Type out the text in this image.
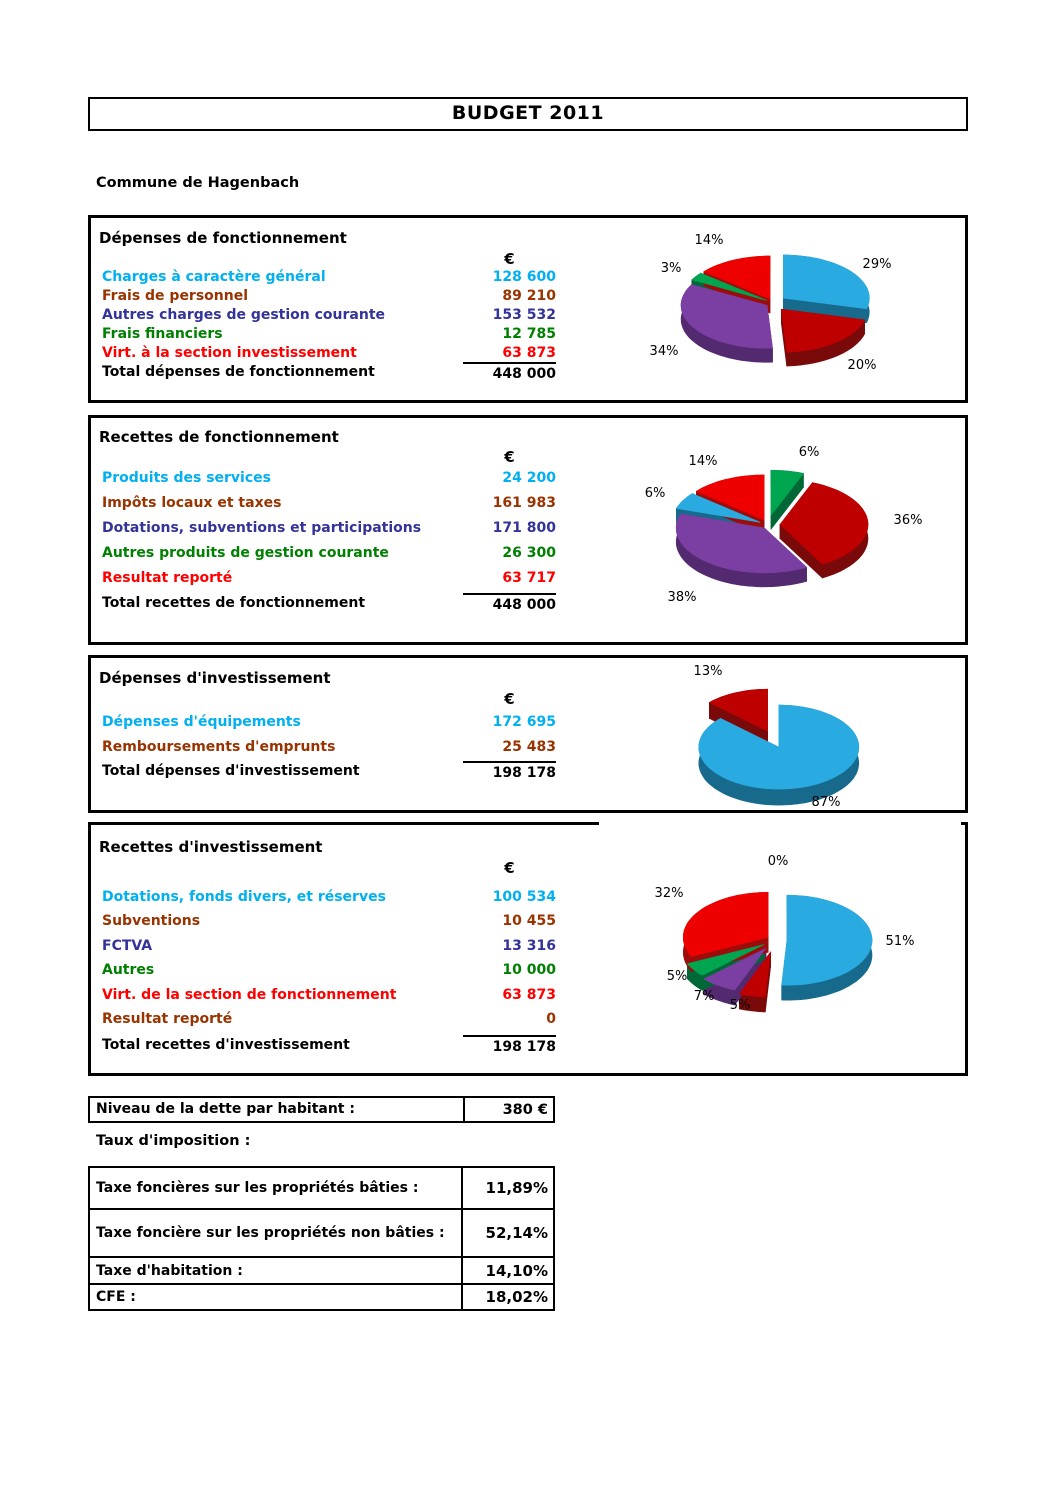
BUDGET 2011
Commune de Hagenbach
Dépenses de fonctionnement
€
Charges à caractère général	128 600
Frais de personnel	89 210
Autres charges de gestion courante	153 532
Frais financiers	12 785
Virt. à la section investissement	63 873
Total dépenses de fonctionnement	448 000
29%
20%
34%
3%
14%
Recettes de fonctionnement
€
Produits des services	24 200
Impôts locaux et taxes	161 983
Dotations, subventions et participations	171 800
Autres produits de gestion courante	26 300
Resultat reporté	63 717
Total recettes de fonctionnement	448 000
6%
36%
38%
6%
14%
Dépenses d'investissement
€
Dépenses d'équipements	172 695
Remboursements d'emprunts	25 483
Total dépenses d'investissement	198 178
87%
13%
Recettes d'investissement
€
Dotations, fonds divers, et réserves	100 534
Subventions	10 455
FCTVA	13 316
Autres	10 000
Virt. de la section de fonctionnement	63 873
Resultat reporté	0
Total recettes d'investissement	198 178
51%
5%
7%
5%
32%
0%
Niveau de la dette par habitant :	380 €
Taux d'imposition :
Taxe foncières sur les propriétés bâties :	11,89%
Taxe foncière sur les propriétés non bâties :	52,14%
Taxe d'habitation :	14,10%
CFE :	18,02%
